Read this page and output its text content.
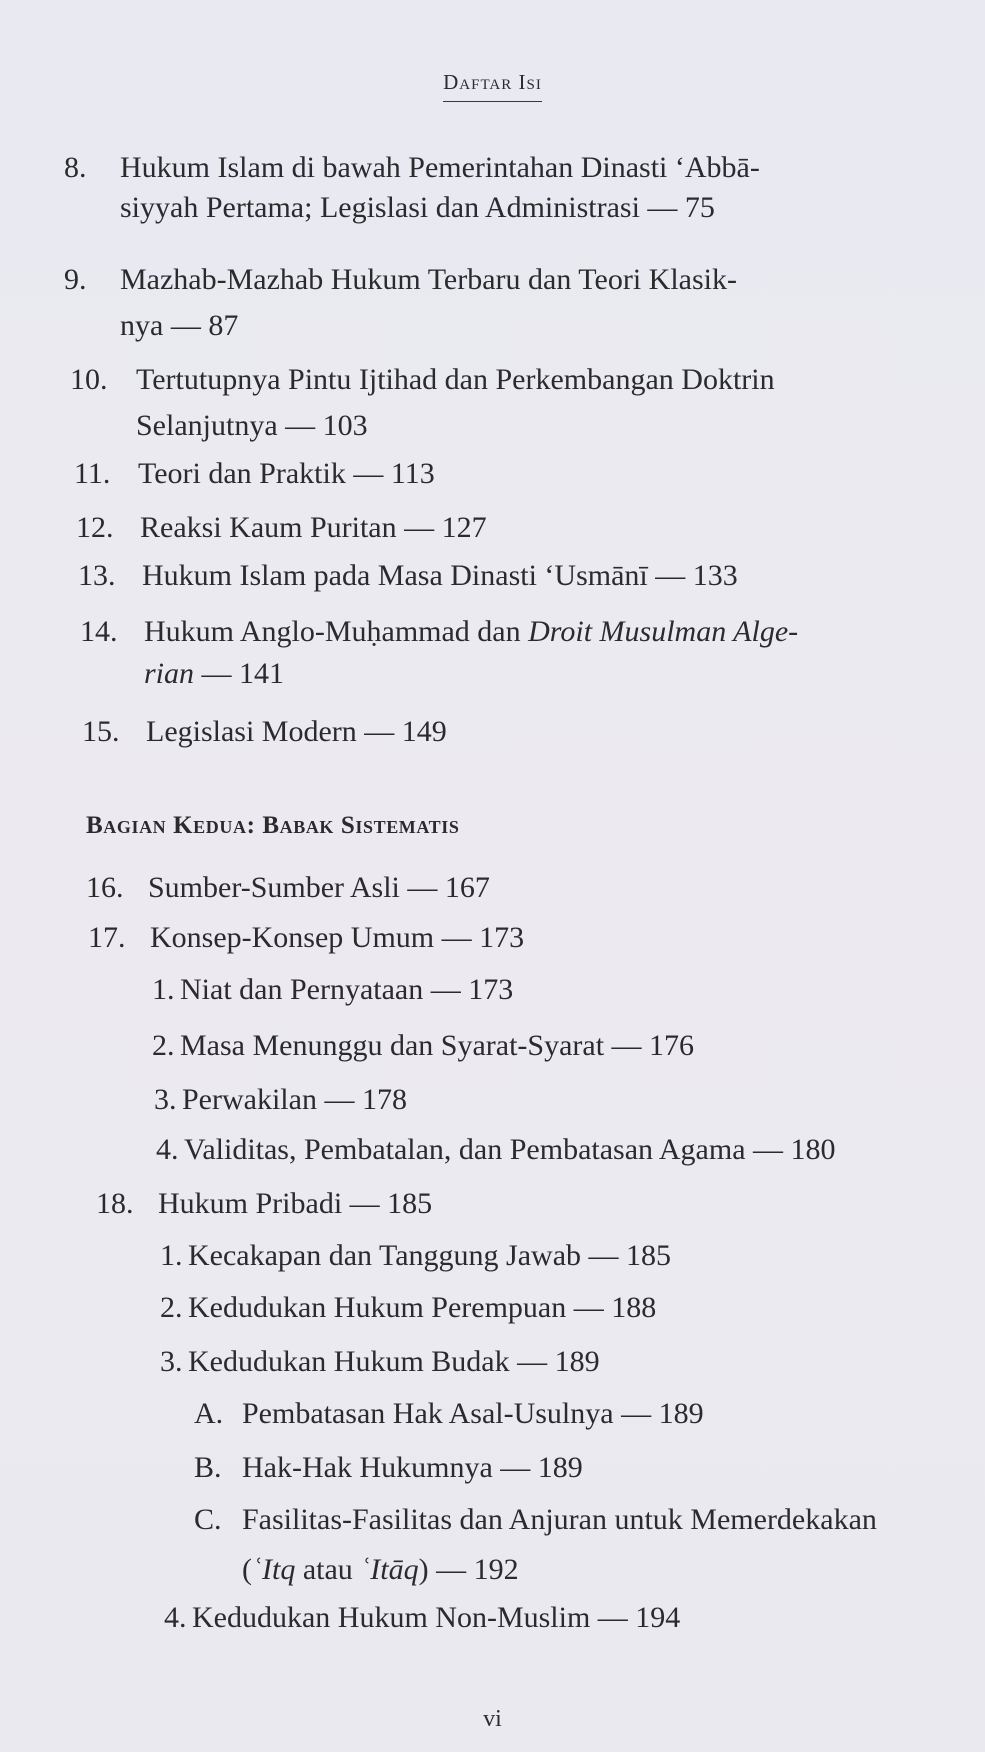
Daftar Isi
8. Hukum Islam di bawah Pemerintahan Dinasti ‘Abbā-
siyyah Pertama; Legislasi dan Administrasi — 75
9. Mazhab-Mazhab Hukum Terbaru dan Teori Klasik-
nya — 87
10. Tertutupnya Pintu Ijtihad dan Perkembangan Doktrin
Selanjutnya — 103
11. Teori dan Praktik — 113
12. Reaksi Kaum Puritan — 127
13. Hukum Islam pada Masa Dinasti ‘Usmānī — 133
14. Hukum Anglo-Muḥammad dan Droit Musulman Alge-
rian — 141
15. Legislasi Modern — 149
Bagian Kedua: Babak Sistematis
16. Sumber-Sumber Asli — 167
17. Konsep-Konsep Umum — 173
1. Niat dan Pernyataan — 173
2. Masa Menunggu dan Syarat-Syarat — 176
3. Perwakilan — 178
4. Validitas, Pembatalan, dan Pembatasan Agama — 180
18. Hukum Pribadi — 185
1. Kecakapan dan Tanggung Jawab — 185
2. Kedudukan Hukum Perempuan — 188
3. Kedudukan Hukum Budak — 189
A. Pembatasan Hak Asal-Usulnya — 189
B. Hak-Hak Hukumnya — 189
C. Fasilitas-Fasilitas dan Anjuran untuk Memerdekakan
(ʿItq atau ʿItāq) — 192
4. Kedudukan Hukum Non-Muslim — 194
vi
